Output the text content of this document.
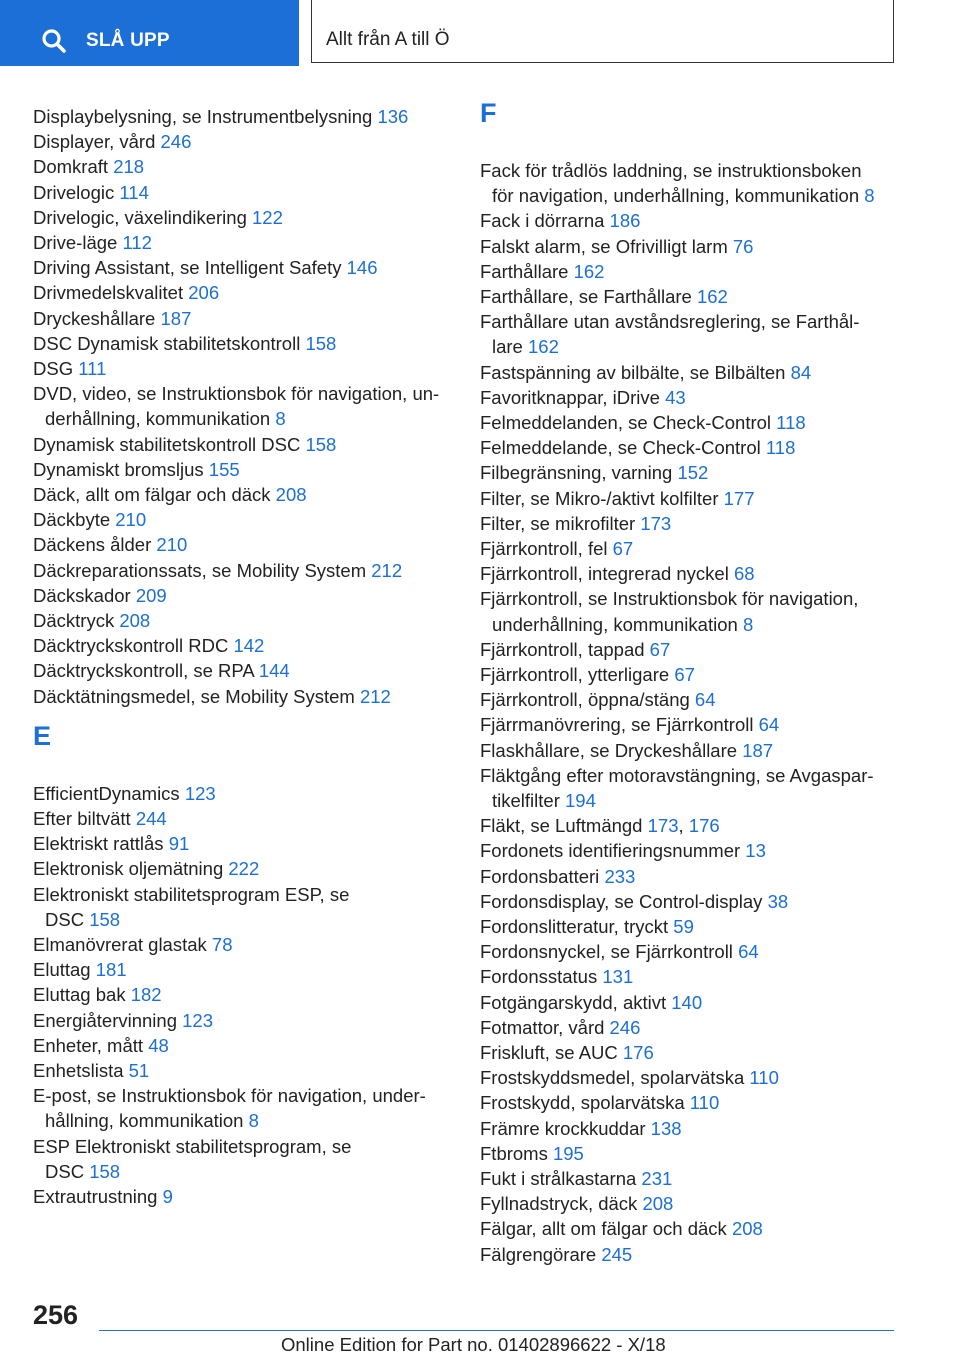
SLÅ UPP	Allt från A till Ö
Displaybelysning, se Instrumentbelysning 136
Displayer, vård 246
Domkraft 218
Drivelogic 114
Drivelogic, växelindikering 122
Drive-läge 112
Driving Assistant, se Intelligent Safety 146
Drivmedelskvalitet 206
Dryckeshållare 187
DSC Dynamisk stabilitetskontroll 158
DSG 111
DVD, video, se Instruktionsbok för navigation, un-
derhållning, kommunikation 8
Dynamisk stabilitetskontroll DSC 158
Dynamiskt bromsljus 155
Däck, allt om fälgar och däck 208
Däckbyte 210
Däckens ålder 210
Däckreparationssats, se Mobility System 212
Däckskador 209
Däcktryck 208
Däcktryckskontroll RDC 142
Däcktryckskontroll, se RPA 144
Däcktätningsmedel, se Mobility System 212
E
EfficientDynamics 123
Efter biltvätt 244
Elektriskt rattlås 91
Elektronisk oljemätning 222
Elektroniskt stabilitetsprogram ESP, se
DSC 158
Elmanövrerat glastak 78
Eluttag 181
Eluttag bak 182
Energiåtervinning 123
Enheter, mått 48
Enhetslista 51
E-post, se Instruktionsbok för navigation, under-
hållning, kommunikation 8
ESP Elektroniskt stabilitetsprogram, se
DSC 158
Extrautrustning 9
F
Fack för trådlös laddning, se instruktionsboken
för navigation, underhållning, kommunikation 8
Fack i dörrarna 186
Falskt alarm, se Ofrivilligt larm 76
Farthållare 162
Farthållare, se Farthållare 162
Farthållare utan avståndsreglering, se Farthål-
lare 162
Fastspänning av bilbälte, se Bilbälten 84
Favoritknappar, iDrive 43
Felmeddelanden, se Check-Control 118
Felmeddelande, se Check-Control 118
Filbegränsning, varning 152
Filter, se Mikro-/aktivt kolfilter 177
Filter, se mikrofilter 173
Fjärrkontroll, fel 67
Fjärrkontroll, integrerad nyckel 68
Fjärrkontroll, se Instruktionsbok för navigation,
underhållning, kommunikation 8
Fjärrkontroll, tappad 67
Fjärrkontroll, ytterligare 67
Fjärrkontroll, öppna/stäng 64
Fjärrmanövrering, se Fjärrkontroll 64
Flaskhållare, se Dryckeshållare 187
Fläktgång efter motoravstängning, se Avgaspar-
tikelfilter 194
Fläkt, se Luftmängd 173, 176
Fordonets identifieringsnummer 13
Fordonsbatteri 233
Fordonsdisplay, se Control-display 38
Fordonslitteratur, tryckt 59
Fordonsnyckel, se Fjärrkontroll 64
Fordonsstatus 131
Fotgängarskydd, aktivt 140
Fotmattor, vård 246
Friskluft, se AUC 176
Frostskyddsmedel, spolarvätska 110
Frostskydd, spolarvätska 110
Främre krockkuddar 138
Ftbroms 195
Fukt i strålkastarna 231
Fyllnadstryck, däck 208
Fälgar, allt om fälgar och däck 208
Fälgrengörare 245
256
Online Edition for Part no. 01402896622 - X/18
